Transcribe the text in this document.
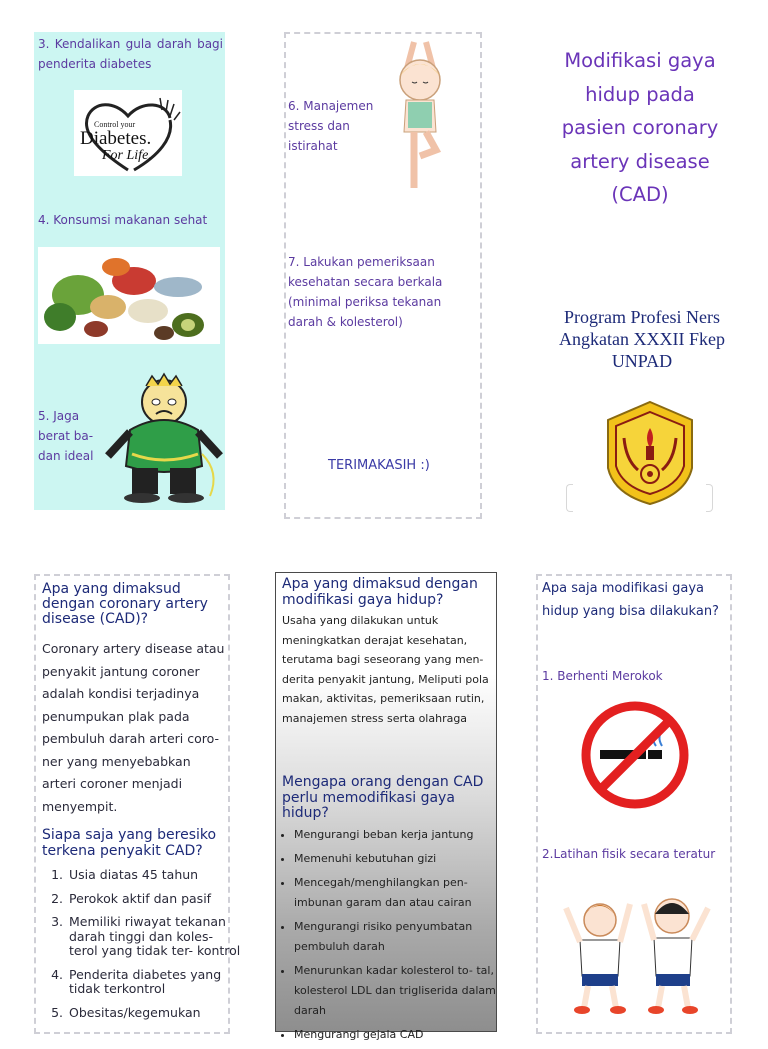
3. Kendalikan gula darah bagi penderita diabetes
Control your
Diabetes.
For Life.
4. Konsumsi makanan sehat
5. Jaga berat ba- dan ideal
6. Manajemen stress dan istirahat
7. Lakukan pemeriksaan kesehatan secara berkala (minimal periksa tekanan darah & kolesterol)
TERIMAKASIH :)
Modifikasi gaya hidup pada pasien coronary artery disease (CAD)
Program Profesi Ners Angkatan XXXII Fkep UNPAD
Apa yang dimaksud dengan coronary artery disease (CAD)?
Coronary artery disease atau penyakit jantung coroner adalah kondisi terjadinya penumpukan plak pada pembuluh darah arteri coro- ner yang menyebabkan arteri coroner menjadi menyempit.
Siapa saja yang beresiko terkena penyakit CAD?
1. Usia diatas 45 tahun
2. Perokok aktif dan pasif
3. Memiliki riwayat tekanan darah tinggi dan koles- terol yang tidak ter- kontrol
4. Penderita diabetes yang tidak terkontrol
5. Obesitas/kegemukan
Apa yang dimaksud dengan modifikasi gaya hidup?
Usaha yang dilakukan untuk meningkatkan derajat kesehatan, terutama bagi seseorang yang men- derita penyakit jantung, Meliputi pola makan, aktivitas, pemeriksaan rutin, manajemen stress serta olahraga
Mengapa orang dengan CAD perlu memodifikasi gaya hidup?
• Mengurangi beban kerja jantung
• Memenuhi kebutuhan gizi
• Mencegah/menghilangkan pen- imbunan garam dan atau cairan
• Mengurangi risiko penyumbatan pembuluh darah
• Menurunkan kadar kolesterol to- tal, kolesterol LDL dan trigliserida dalam darah
• Mengurangi gejala CAD
Apa saja modifikasi gaya hidup yang bisa dilakukan?
1. Berhenti Merokok
2.Latihan fisik secara teratur
